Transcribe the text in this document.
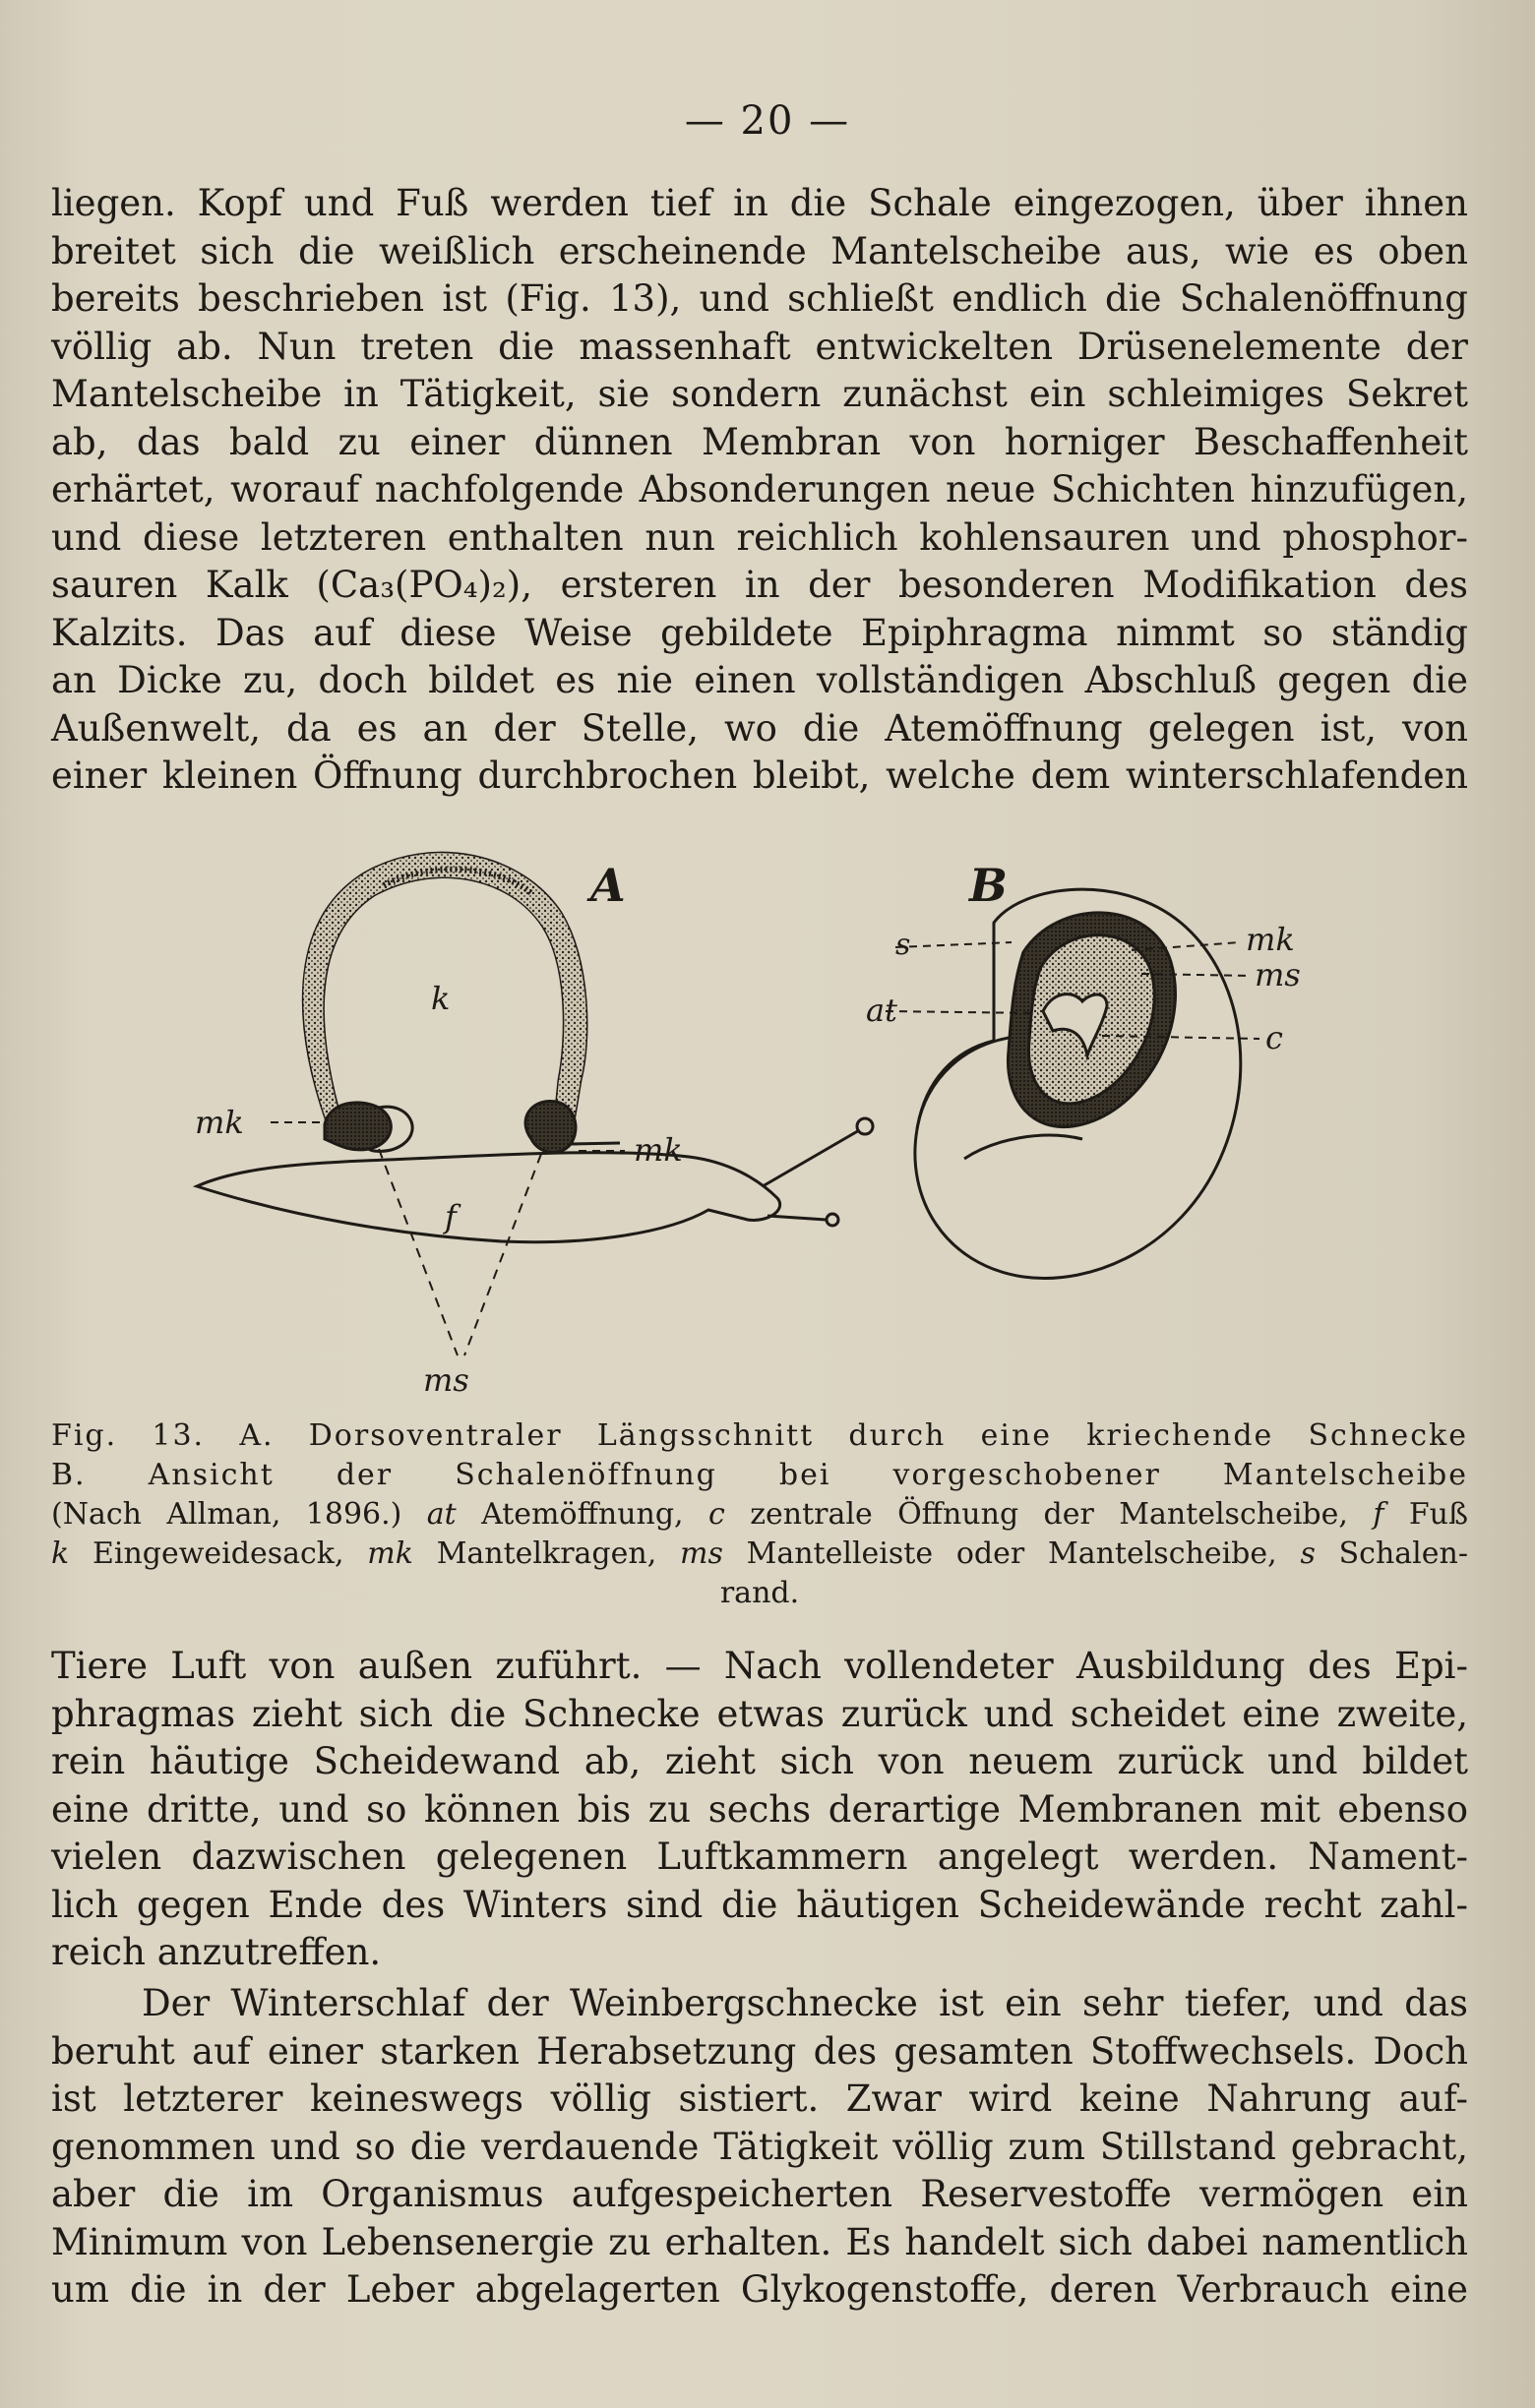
— 20 —
liegen. Kopf und Fuß werden tief in die Schale eingezogen, über ihnen
breitet sich die weißlich erscheinende Mantelscheibe aus, wie es oben
bereits beschrieben ist (Fig. 13), und schließt endlich die Schalenöffnung
völlig ab. Nun treten die massenhaft entwickelten Drüsenelemente der
Mantelscheibe in Tätigkeit, sie sondern zunächst ein schleimiges Sekret
ab, das bald zu einer dünnen Membran von horniger Beschaffenheit
erhärtet, worauf nachfolgende Absonderungen neue Schichten hinzufügen,
und diese letzteren enthalten nun reichlich kohlensauren und phosphor-
sauren Kalk (Ca₃(PO₄)₂), ersteren in der besonderen Modifikation des
Kalzits. Das auf diese Weise gebildete Epiphragma nimmt so ständig
an Dicke zu, doch bildet es nie einen vollständigen Abschluß gegen die
Außenwelt, da es an der Stelle, wo die Atemöffnung gelegen ist, von
einer kleinen Öffnung durchbrochen bleibt, welche dem winterschlafenden
A
k
mk
mk
f
ms
B
s	mk
ms
at
c
Fig. 13. A. Dorsoventraler Längsschnitt durch eine kriechende Schnecke
B. Ansicht der Schalenöffnung bei vorgeschobener Mantelscheibe
(Nach Allman, 1896.) at Atemöffnung, c zentrale Öffnung der Mantelscheibe, f Fuß
k Eingeweidesack, mk Mantelkragen, ms Mantelleiste oder Mantelscheibe, s Schalen-
rand.
Tiere Luft von außen zuführt. — Nach vollendeter Ausbildung des Epi-
phragmas zieht sich die Schnecke etwas zurück und scheidet eine zweite,
rein häutige Scheidewand ab, zieht sich von neuem zurück und bildet
eine dritte, und so können bis zu sechs derartige Membranen mit ebenso
vielen dazwischen gelegenen Luftkammern angelegt werden. Nament-
lich gegen Ende des Winters sind die häutigen Scheidewände recht zahl-
reich anzutreffen.
Der Winterschlaf der Weinbergschnecke ist ein sehr tiefer, und das
beruht auf einer starken Herabsetzung des gesamten Stoffwechsels. Doch
ist letzterer keineswegs völlig sistiert. Zwar wird keine Nahrung auf-
genommen und so die verdauende Tätigkeit völlig zum Stillstand gebracht,
aber die im Organismus aufgespeicherten Reservestoffe vermögen ein
Minimum von Lebensenergie zu erhalten. Es handelt sich dabei namentlich
um die in der Leber abgelagerten Glykogenstoffe, deren Verbrauch eine
